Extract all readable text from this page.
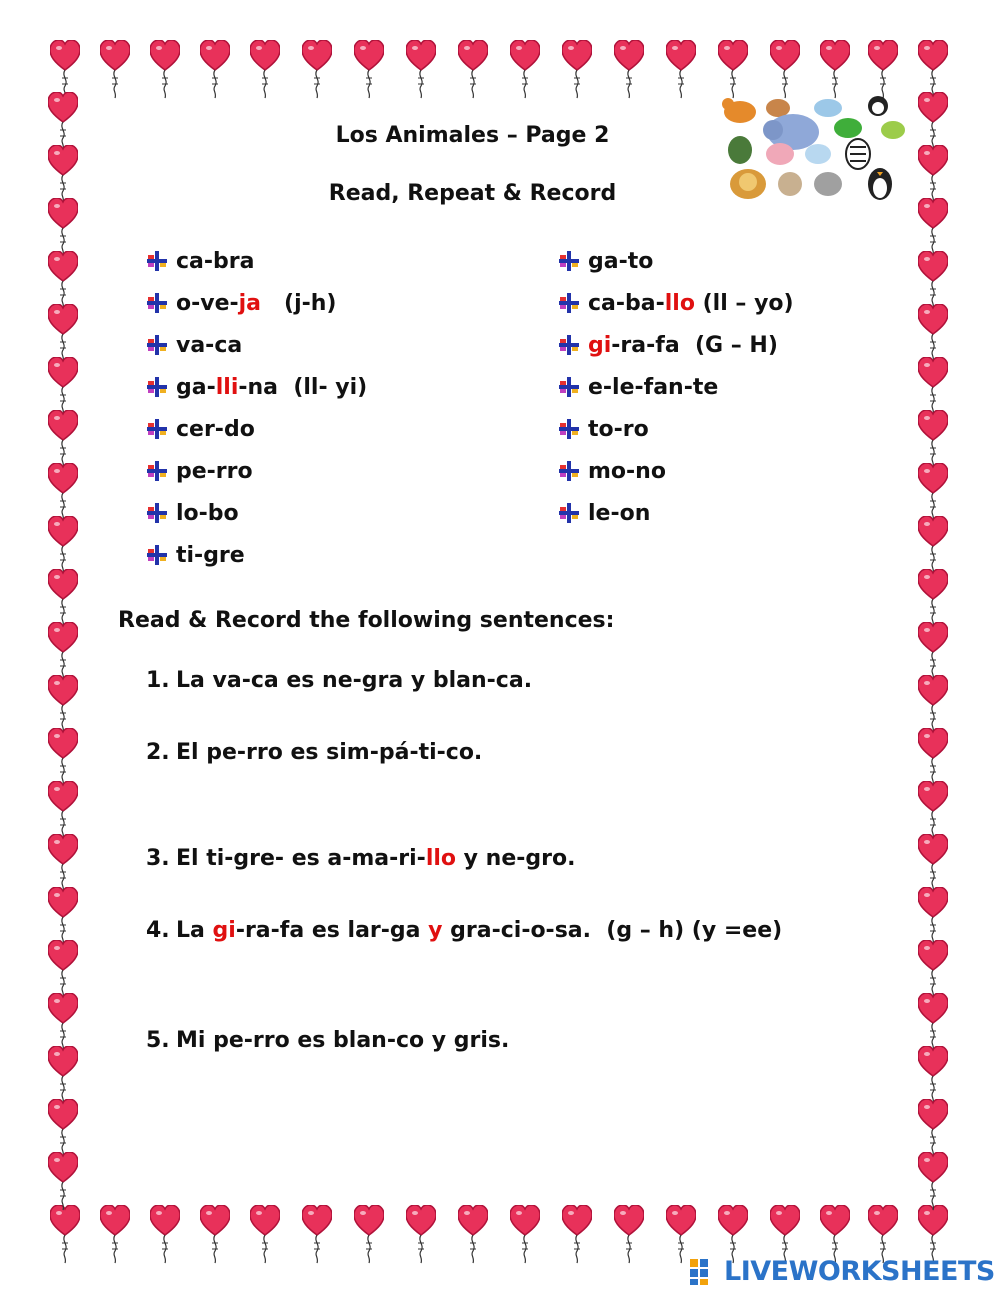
Los Animales – Page 2
Read, Repeat & Record
ca-bra
o-ve-ja   (j-h)
va-ca
ga-lli-na  (ll- yi)
cer-do
pe-rro
lo-bo
ti-gre
ga-to
ca-ba-llo (ll – yo)
gi-ra-fa  (G – H)
e-le-fan-te
to-ro
mo-no
le-on
Read & Record the following sentences:
1. La va-ca es ne-gra y blan-ca.
2. El pe-rro es sim-pá-ti-co.
3. El ti-gre- es a-ma-ri-llo y ne-gro.
4. La gi-ra-fa es lar-ga y gra-ci-o-sa.  (g – h) (y =ee)
5. Mi pe-rro es blan-co y gris.
LIVEWORKSHEETS
